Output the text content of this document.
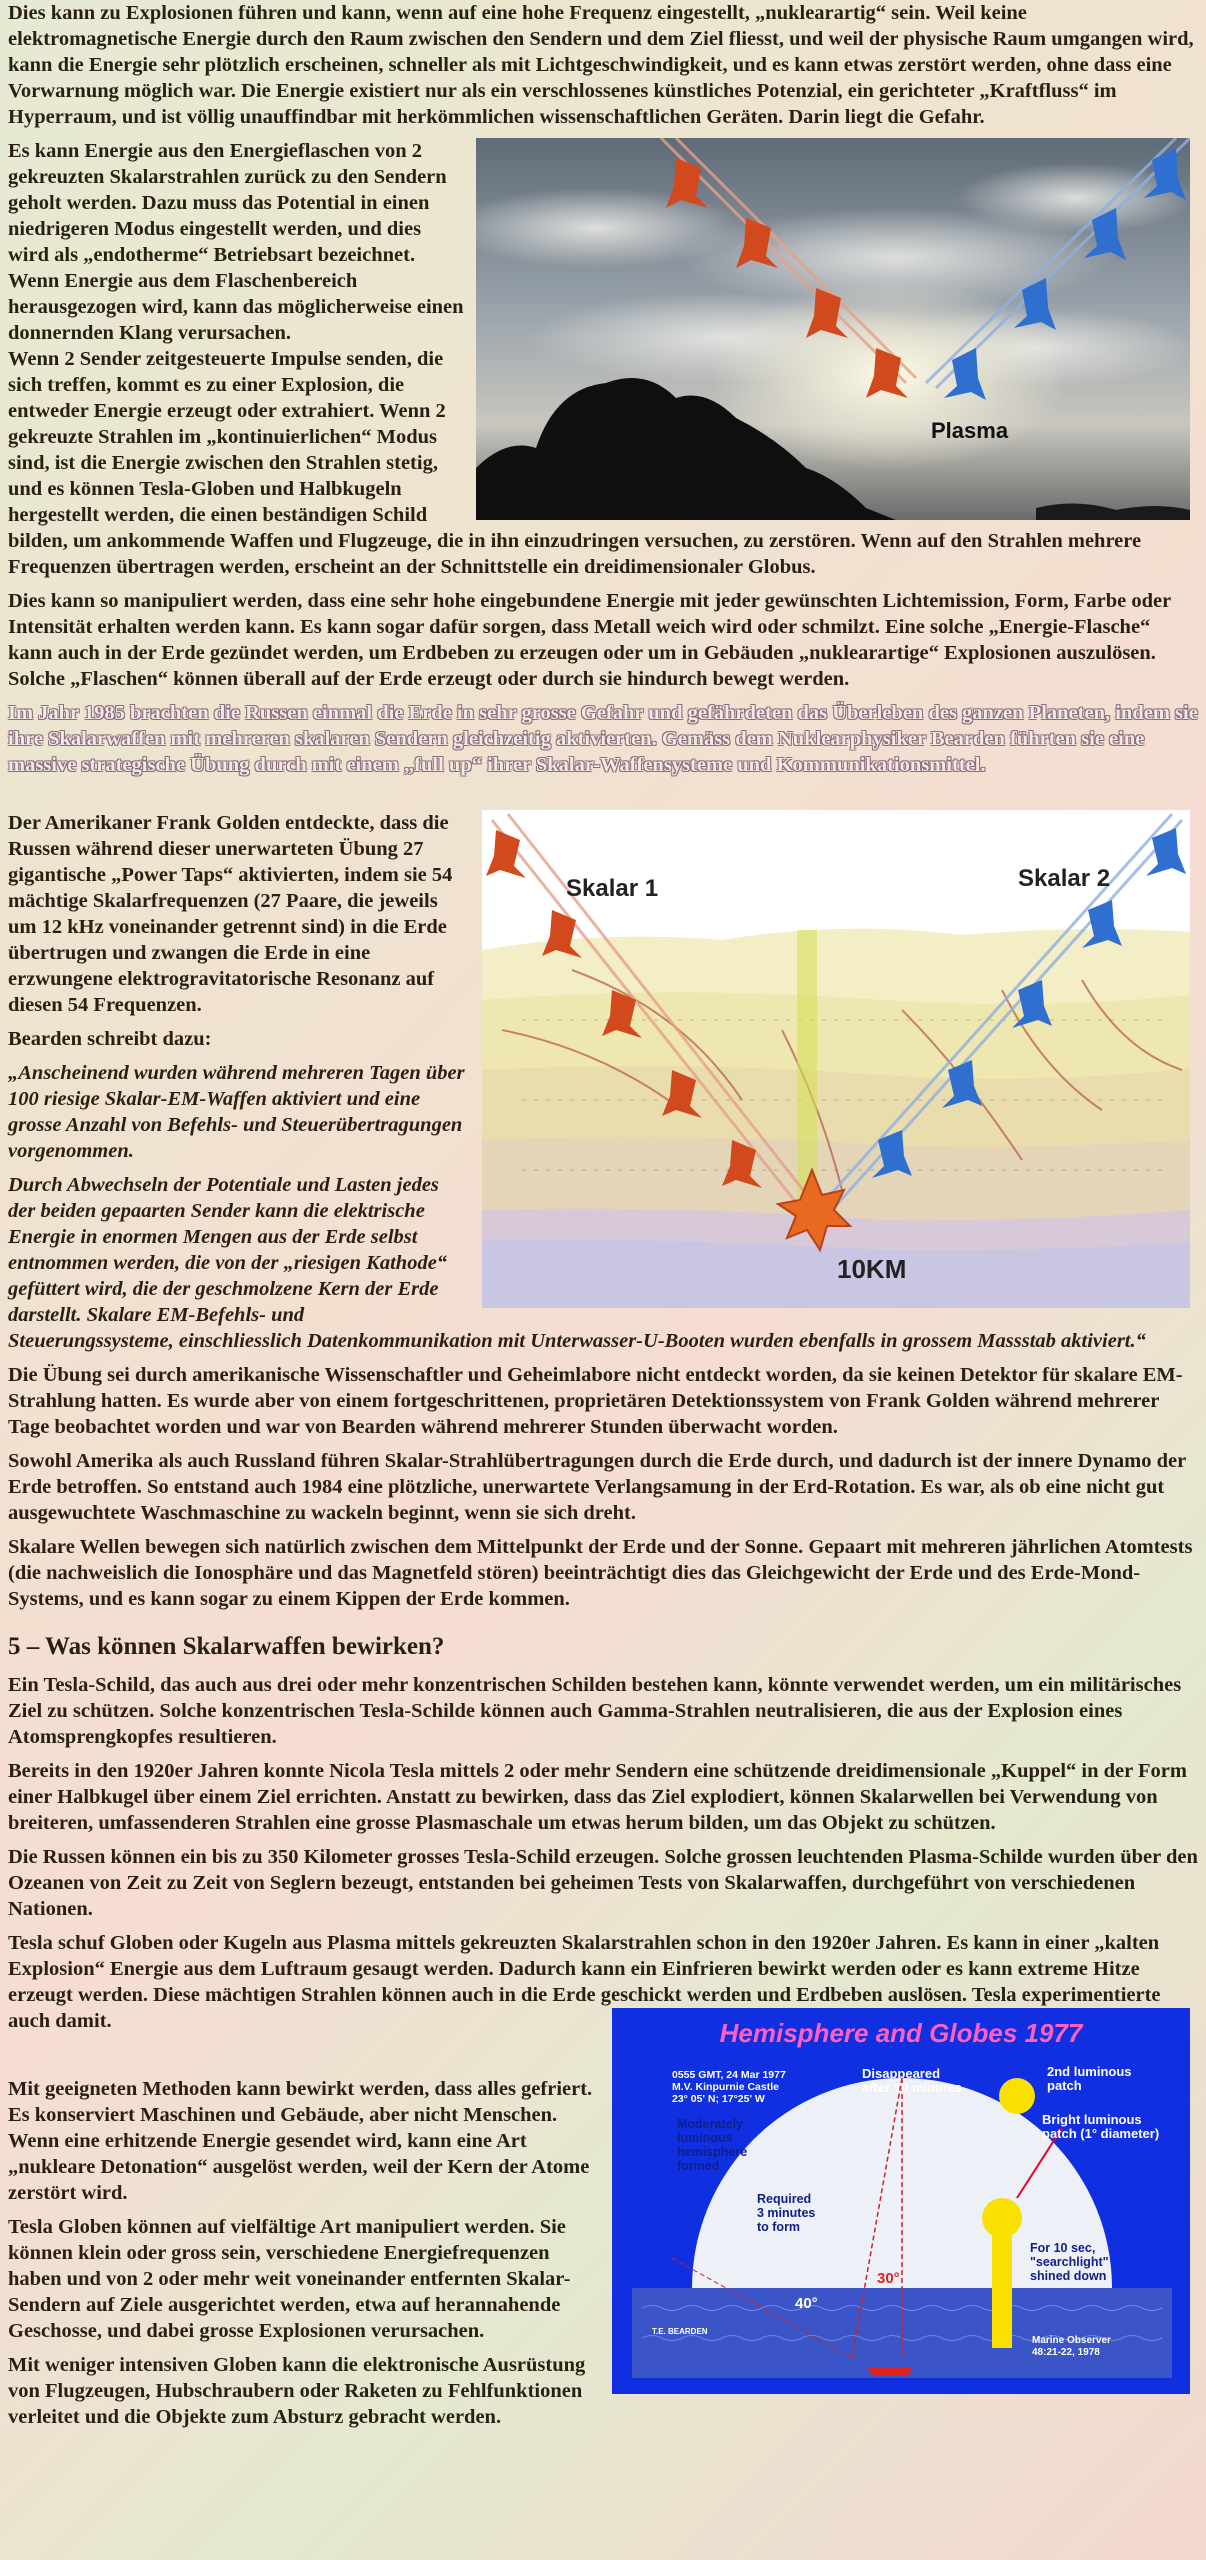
Dies kann zu Explosionen führen und kann, wenn auf eine hohe Frequenz eingestellt, „nuklearartig“ sein. Weil keine elektromagnetische Energie durch den Raum zwischen den Sendern und dem Ziel fliesst, und weil der physische Raum umgangen wird, kann die Energie sehr plötzlich erscheinen, schneller als mit Lichtgeschwindigkeit, und es kann etwas zerstört werden, ohne dass eine Vorwarnung möglich war. Die Energie existiert nur als ein verschlossenes künstliches Potenzial, ein gerichteter „Kraftfluss“ im Hyperraum, und ist völlig unauffindbar mit herkömmlichen wissenschaftlichen Geräten. Darin liegt die Gefahr.

Plasma

Es kann Energie aus den Energieflaschen von 2 gekreuzten Skalarstrahlen zurück zu den Sendern geholt werden. Dazu muss das Potential in einen niedrigeren Modus eingestellt werden, und dies wird als „endotherme“ Betriebsart bezeichnet. Wenn Energie aus dem Flaschenbereich herausgezogen wird, kann das möglicherweise einen donnernden Klang verursachen.

Wenn 2 Sender zeitgesteuerte Impulse senden, die sich treffen, kommt es zu einer Explosion, die entweder Energie erzeugt oder extrahiert. Wenn 2 gekreuzte Strahlen im „kontinuierlichen“ Modus sind, ist die Energie zwischen den Strahlen stetig, und es können Tesla-Globen und Halbkugeln hergestellt werden, die einen beständigen Schild bilden, um ankommende Waffen und Flugzeuge, die in ihn einzudringen versuchen, zu zerstören. Wenn auf den Strahlen mehrere Frequenzen übertragen werden, erscheint an der Schnittstelle ein dreidimensionaler Globus.

Dies kann so manipuliert werden, dass eine sehr hohe eingebundene Energie mit jeder gewünschten Lichtemission, Form, Farbe oder Intensität erhalten werden kann. Es kann sogar dafür sorgen, dass Metall weich wird oder schmilzt. Eine solche „Energie-Flasche“ kann auch in der Erde gezündet werden, um Erdbeben zu erzeugen oder um in Gebäuden „nuklearartige“ Explosionen auszulösen. Solche „Flaschen“ können überall auf der Erde erzeugt oder durch sie hindurch bewegt werden.

Im Jahr 1985 brachten die Russen einmal die Erde in sehr grosse Gefahr und gefährdeten das Überleben des ganzen Planeten, indem sie ihre Skalarwaffen mit mehreren skalaren Sendern gleichzeitig aktivierten. Gemäss dem Nuklearphysiker Bearden führten sie eine massive strategische Übung durch mit einem „full up“ ihrer Skalar-Waffensysteme und Kommunikationsmittel.

10KM
Skalar 1	Skalar 2

Der Amerikaner Frank Golden entdeckte, dass die Russen während dieser unerwarteten Übung 27 gigantische „Power Taps“ aktivierten, indem sie 54 mächtige Skalarfrequenzen (27 Paare, die jeweils um 12 kHz voneinander getrennt sind) in die Erde übertrugen und zwangen die Erde in eine erzwungene elektrogravitatorische Resonanz auf diesen 54 Frequenzen.

Bearden schreibt dazu:

„Anscheinend wurden während mehreren Tagen über 100 riesige Skalar-EM-Waffen aktiviert und eine grosse Anzahl von Befehls- und Steuerübertragungen vorgenommen.

Durch Abwechseln der Potentiale und Lasten jedes der beiden gepaarten Sender kann die elektrische Energie in enormen Mengen aus der Erde selbst entnommen werden, die von der „riesigen Kathode“ gefüttert wird, die der geschmolzene Kern der Erde darstellt. Skalare EM-Befehls- und Steuerungssysteme, einschliesslich Datenkommunikation mit Unterwasser-U-Booten wurden ebenfalls in grossem Massstab aktiviert.“

Die Übung sei durch amerikanische Wissenschaftler und Geheimlabore nicht entdeckt worden, da sie keinen Detektor für skalare EM-Strahlung hatten. Es wurde aber von einem fortgeschrittenen, proprietären Detektionssystem von Frank Golden während mehrerer Tage beobachtet worden und war von Bearden während mehrerer Stunden überwacht worden.

Sowohl Amerika als auch Russland führen Skalar-Strahlübertragungen durch die Erde durch, und dadurch ist der innere Dynamo der Erde betroffen. So entstand auch 1984 eine plötzliche, unerwartete Verlangsamung in der Erd-Rotation. Es war, als ob eine nicht gut ausgewuchtete Waschmaschine zu wackeln beginnt, wenn sie sich dreht.

Skalare Wellen bewegen sich natürlich zwischen dem Mittelpunkt der Erde und der Sonne. Gepaart mit mehreren jährlichen Atomtests (die nachweislich die Ionosphäre und das Magnetfeld stören) beeinträchtigt dies das Gleichgewicht der Erde und des Erde-Mond-Systems, und es kann sogar zu einem Kippen der Erde kommen.

5 – Was können Skalarwaffen bewirken?

Ein Tesla-Schild, das auch aus drei oder mehr konzentrischen Schilden bestehen kann, könnte verwendet werden, um ein militärisches Ziel zu schützen. Solche konzentrischen Tesla-Schilde können auch Gamma-Strahlen neutralisieren, die aus der Explosion eines Atomsprengkopfes resultieren.

Bereits in den 1920er Jahren konnte Nicola Tesla mittels 2 oder mehr Sendern eine schützende dreidimensionale „Kuppel“ in der Form einer Halbkugel über einem Ziel errichten. Anstatt zu bewirken, dass das Ziel explodiert, können Skalarwellen bei Verwendung von breiteren, umfassenderen Strahlen eine grosse Plasmaschale um etwas herum bilden, um das Objekt zu schützen.

Die Russen können ein bis zu 350 Kilometer grosses Tesla-Schild erzeugen. Solche grossen leuchtenden Plasma-Schilde wurden über den Ozeanen von Zeit zu Zeit von Seglern bezeugt, entstanden bei geheimen Tests von Skalarwaffen, durchgeführt von verschiedenen Nationen.

Tesla schuf Globen oder Kugeln aus Plasma mittels gekreuzten Skalarstrahlen schon in den 1920er Jahren. Es kann in einer „kalten Explosion“ Energie aus dem Luftraum gesaugt werden. Dadurch kann ein Einfrieren bewirkt werden oder es kann extreme Hitze erzeugt werden. Diese mächtigen Strahlen können auch in die Erde geschickt werden und Erdbeben auslösen. Tesla experimentierte auch damit.	Hemisphere and Globes 1977
0555 GMT, 24 Mar 1977
M.V. Kinpurnie Castle
23° 05' N; 17°25' W
Disappeared
after 10 minutes
2nd luminous
patch
Bright luminous
patch (1° diameter)
Moderately
luminous
hemisphere
formed
Required
3 minutes
to form
For 10 sec,
"searchlight"
shined down
30°
40°
T.E. BEARDEN
Marine Observer
48:21-22, 1978

Mit geeigneten Methoden kann bewirkt werden, dass alles gefriert. Es konserviert Maschinen und Gebäude, aber nicht Menschen. Wenn eine erhitzende Energie gesendet wird, kann eine Art „nukleare Detonation“ ausgelöst werden, weil der Kern der Atome zerstört wird.

Tesla Globen können auf vielfältige Art manipuliert werden. Sie können klein oder gross sein, verschiedene Energiefrequenzen haben und von 2 oder mehr weit voneinander entfernten Skalar-Sendern auf Ziele ausgerichtet werden, etwa auf herannahende Geschosse, und dabei grosse Explosionen verursachen.

Mit weniger intensiven Globen kann die elektronische Ausrüstung von Flugzeugen, Hubschraubern oder Raketen zu Fehlfunktionen verleitet und die Objekte zum Absturz gebracht werden.
